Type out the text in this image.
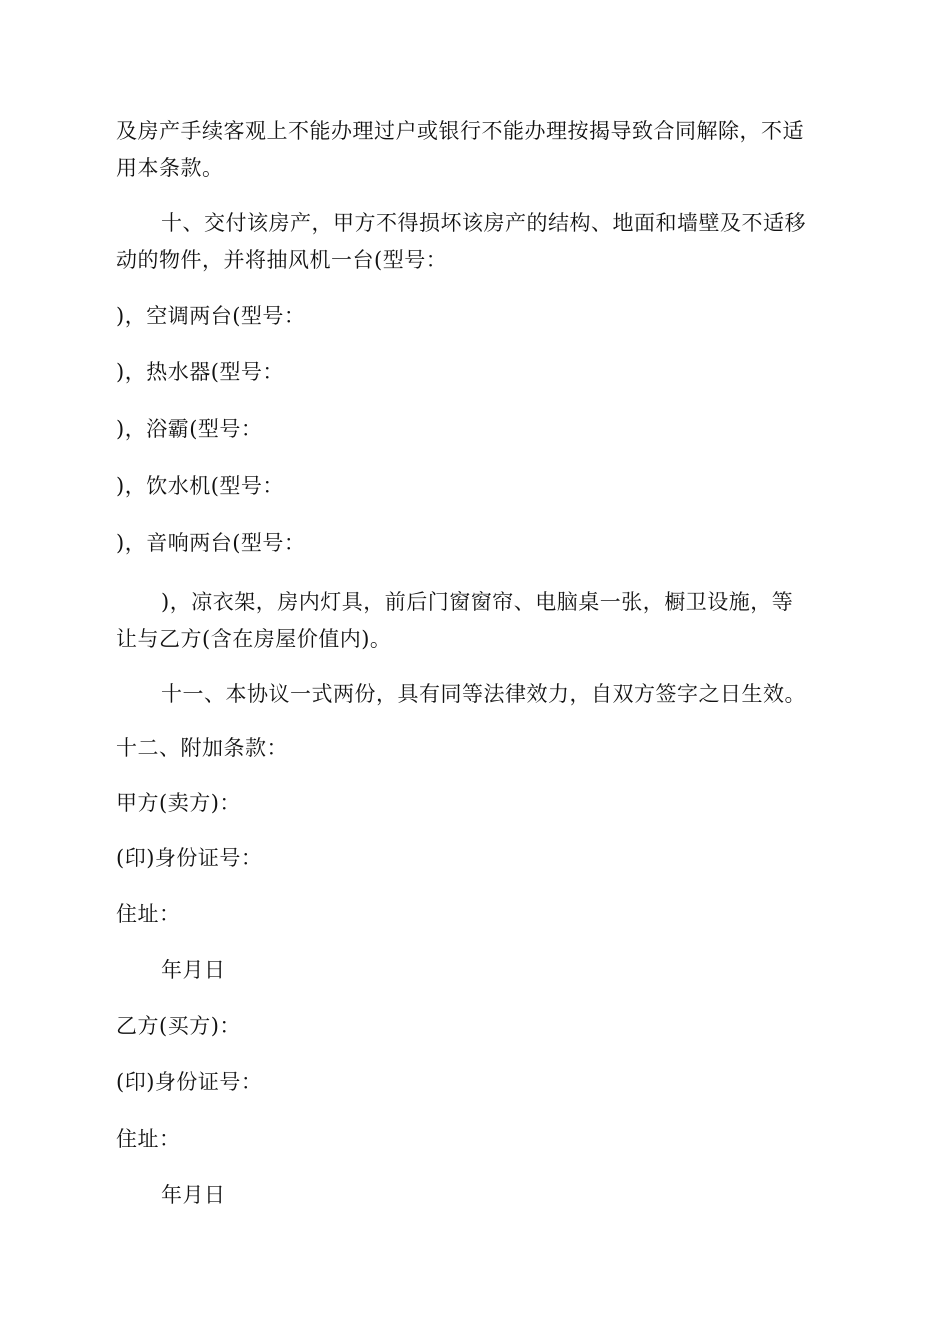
及房产手续客观上不能办理过户或银行不能办理按揭导致合同解除，不适
用本条款。
十、交付该房产，甲方不得损坏该房产的结构、地面和墙壁及不适移
动的物件，并将抽风机一台(型号：
)，空调两台(型号：
)，热水器(型号：
)，浴霸(型号：
)，饮水机(型号：
)，音响两台(型号：
)，凉衣架，房内灯具，前后门窗窗帘、电脑桌一张，橱卫设施，等
让与乙方(含在房屋价值内)。
十一、本协议一式两份，具有同等法律效力，自双方签字之日生效。
十二、附加条款：
甲方(卖方)：
(印)身份证号：
住址：
年月日
乙方(买方)：
(印)身份证号：
住址：
年月日
